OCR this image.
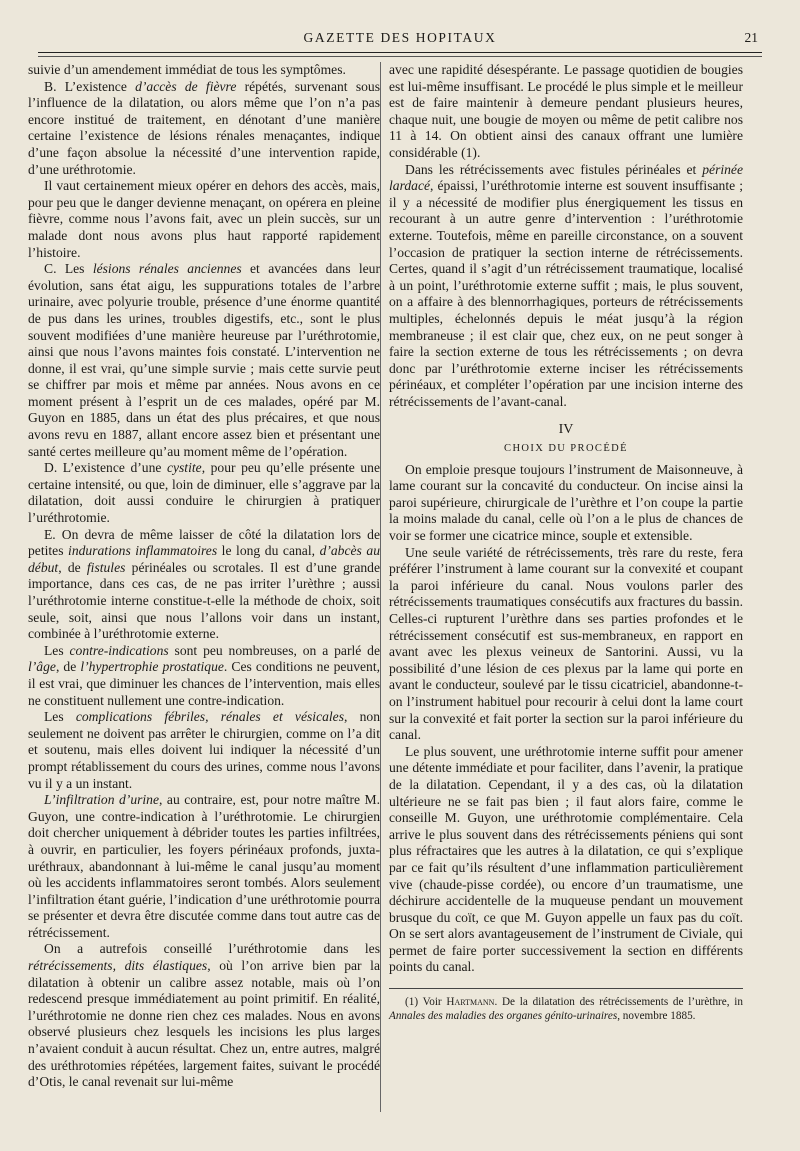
GAZETTE DES HOPITAUX	21

suivie d’un amendement immédiat de tous les symptômes.

B. L’existence d’accès de fièvre répétés, survenant sous l’influence de la dilatation, ou alors même que l’on n’a pas encore institué de traitement, en dénotant d’une manière certaine l’existence de lésions rénales menaçantes, indique d’une façon absolue la nécessité d’une intervention rapide, d’une uréthrotomie.

Il vaut certainement mieux opérer en dehors des accès, mais, pour peu que le danger devienne menaçant, on opérera en pleine fièvre, comme nous l’avons fait, avec un plein succès, sur un malade dont nous avons plus haut rapporté rapidement l’histoire.

C. Les lésions rénales anciennes et avancées dans leur évolution, sans état aigu, les suppurations totales de l’arbre urinaire, avec polyurie trouble, présence d’une énorme quantité de pus dans les urines, troubles digestifs, etc., sont le plus souvent modifiées d’une manière heureuse par l’uréthrotomie, ainsi que nous l’avons maintes fois constaté. L’intervention ne donne, il est vrai, qu’une simple survie ; mais cette survie peut se chiffrer par mois et même par années. Nous avons en ce moment présent à l’esprit un de ces malades, opéré par M. Guyon en 1885, dans un état des plus précaires, et que nous avons revu en 1887, allant encore assez bien et présentant une santé certes meilleure qu’au moment même de l’opération.

D. L’existence d’une cystite, pour peu qu’elle présente une certaine intensité, ou que, loin de diminuer, elle s’aggrave par la dilatation, doit aussi conduire le chirurgien à pratiquer l’uréthrotomie.

E. On devra de même laisser de côté la dilatation lors de petites indurations inflammatoires le long du canal, d’abcès au début, de fistules périnéales ou scrotales. Il est d’une grande importance, dans ces cas, de ne pas irriter l’urèthre ; aussi l’uréthrotomie interne constitue-t-elle la méthode de choix, soit seule, soit, ainsi que nous l’allons voir dans un instant, combinée à l’uréthrotomie externe.

Les contre-indications sont peu nombreuses, on a parlé de l’âge, de l’hypertrophie prostatique. Ces conditions ne peuvent, il est vrai, que diminuer les chances de l’intervention, mais elles ne constituent nullement une contre-indication.

Les complications fébriles, rénales et vésicales, non seulement ne doivent pas arrêter le chirurgien, comme on l’a dit et soutenu, mais elles doivent lui indiquer la nécessité d’un prompt rétablissement du cours des urines, comme nous l’avons vu il y a un instant.

L’infiltration d’urine, au contraire, est, pour notre maître M. Guyon, une contre-indication à l’uréthrotomie. Le chirurgien doit chercher uniquement à débrider toutes les parties infiltrées, à ouvrir, en particulier, les foyers périnéaux profonds, juxta-uréthraux, abandonnant à lui-même le canal jusqu’au moment où les accidents inflammatoires seront tombés. Alors seulement l’infiltration étant guérie, l’indication d’une uréthrotomie pourra se présenter et devra être discutée comme dans tout autre cas de rétrécissement.

On a autrefois conseillé l’uréthrotomie dans les rétrécissements, dits élastiques, où l’on arrive bien par la dilatation à obtenir un calibre assez notable, mais où l’on redescend presque immédiatement au point primitif. En réalité, l’uréthrotomie ne donne rien chez ces malades. Nous en avons observé plusieurs chez lesquels les incisions les plus larges n’avaient conduit à aucun résultat. Chez un, entre autres, malgré des uréthrotomies répétées, largement faites, suivant le procédé d’Otis, le canal revenait sur lui-même

avec une rapidité désespérante. Le passage quotidien de bougies est lui-même insuffisant. Le procédé le plus simple et le meilleur est de faire maintenir à demeure pendant plusieurs heures, chaque nuit, une bougie de moyen ou même de petit calibre nos 11 à 14. On obtient ainsi des canaux offrant une lumière considérable (1).

Dans les rétrécissements avec fistules périnéales et périnée lardacé, épaissi, l’uréthrotomie interne est souvent insuffisante ; il y a nécessité de modifier plus énergiquement les tissus en recourant à un autre genre d’intervention : l’uréthrotomie externe. Toutefois, même en pareille circonstance, on a souvent l’occasion de pratiquer la section interne de rétrécissements. Certes, quand il s’agit d’un rétrécissement traumatique, localisé à un point, l’uréthrotomie externe suffit ; mais, le plus souvent, on a affaire à des blennorrhagiques, porteurs de rétrécissements multiples, échelonnés depuis le méat jusqu’à la région membraneuse ; il est clair que, chez eux, on ne peut songer à faire la section externe de tous les rétrécissements ; on devra donc par l’uréthrotomie externe inciser les rétrécissements périnéaux, et compléter l’opération par une incision interne des rétrécissements de l’avant-canal.

IV
CHOIX DU PROCÉDÉ

On emploie presque toujours l’instrument de Maisonneuve, à lame courant sur la concavité du conducteur. On incise ainsi la paroi supérieure, chirurgicale de l’urèthre et l’on coupe la partie la moins malade du canal, celle où l’on a le plus de chances de voir se former une cicatrice mince, souple et extensible.

Une seule variété de rétrécissements, très rare du reste, fera préférer l’instrument à lame courant sur la convexité et coupant la paroi inférieure du canal. Nous voulons parler des rétrécissements traumatiques consécutifs aux fractures du bassin. Celles-ci rupturent l’urèthre dans ses parties profondes et le rétrécissement consécutif est sus-membraneux, en rapport en avant avec les plexus veineux de Santorini. Aussi, vu la possibilité d’une lésion de ces plexus par la lame qui porte en avant le conducteur, soulevé par le tissu cicatriciel, abandonne-t-on l’instrument habituel pour recourir à celui dont la lame court sur la convexité et fait porter la section sur la paroi inférieure du canal.

Le plus souvent, une uréthrotomie interne suffit pour amener une détente immédiate et pour faciliter, dans l’avenir, la pratique de la dilatation. Cependant, il y a des cas, où la dilatation ultérieure ne se fait pas bien ; il faut alors faire, comme le conseille M. Guyon, une uréthrotomie complémentaire. Cela arrive le plus souvent dans des rétrécissements péniens qui sont plus réfractaires que les autres à la dilatation, ce qui s’explique par ce fait qu’ils résultent d’une inflammation particulièrement vive (chaude-pisse cordée), ou encore d’un traumatisme, une déchirure accidentelle de la muqueuse pendant un mouvement brusque du coït, ce que M. Guyon appelle un faux pas du coït. On se sert alors avantageusement de l’instrument de Civiale, qui permet de faire porter successivement la section en différents points du canal.

(1) Voir Hartmann. De la dilatation des rétrécissements de l’urèthre, in Annales des maladies des organes génito-urinaires, novembre 1885.
